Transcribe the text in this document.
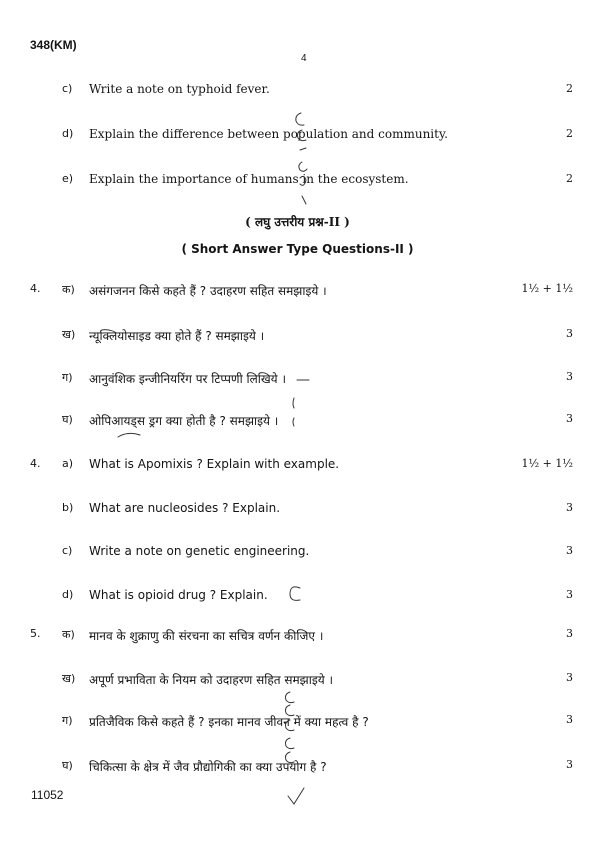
348(KM)
4
c) Write a note on typhoid fever.	2
d) Explain the difference between population and community.	2
e) Explain the importance of humans in the ecosystem.	2
( लघु उत्तरीय प्रश्न-II )
( Short Answer Type Questions-II )
4. क) असंगजनन किसे कहते हैं ? उदाहरण सहित समझाइये ।	1½ + 1½
ख) न्यूक्लियोसाइड क्या होते हैं ? समझाइये ।	3
ग) आनुवंशिक इन्जीनियरिंग पर टिप्पणी लिखिये ।	3
घ) ओपिआयड्स ड्रग क्या होती है ? समझाइये ।	3
4. a) What is Apomixis ? Explain with example.	1½ + 1½
b) What are nucleosides ? Explain.	3
c) Write a note on genetic engineering.	3
d) What is opioid drug ? Explain.	3
5. क) मानव के शुक्राणु की संरचना का सचित्र वर्णन कीजिए ।	3
ख) अपूर्ण प्रभाविता के नियम को उदाहरण सहित समझाइये ।	3
ग) प्रतिजैविक किसे कहते हैं ? इनका मानव जीवन में क्या महत्व है ?	3
घ) चिकित्सा के क्षेत्र में जैव प्रौद्योगिकी का क्या उपयोग है ?	3
11052
